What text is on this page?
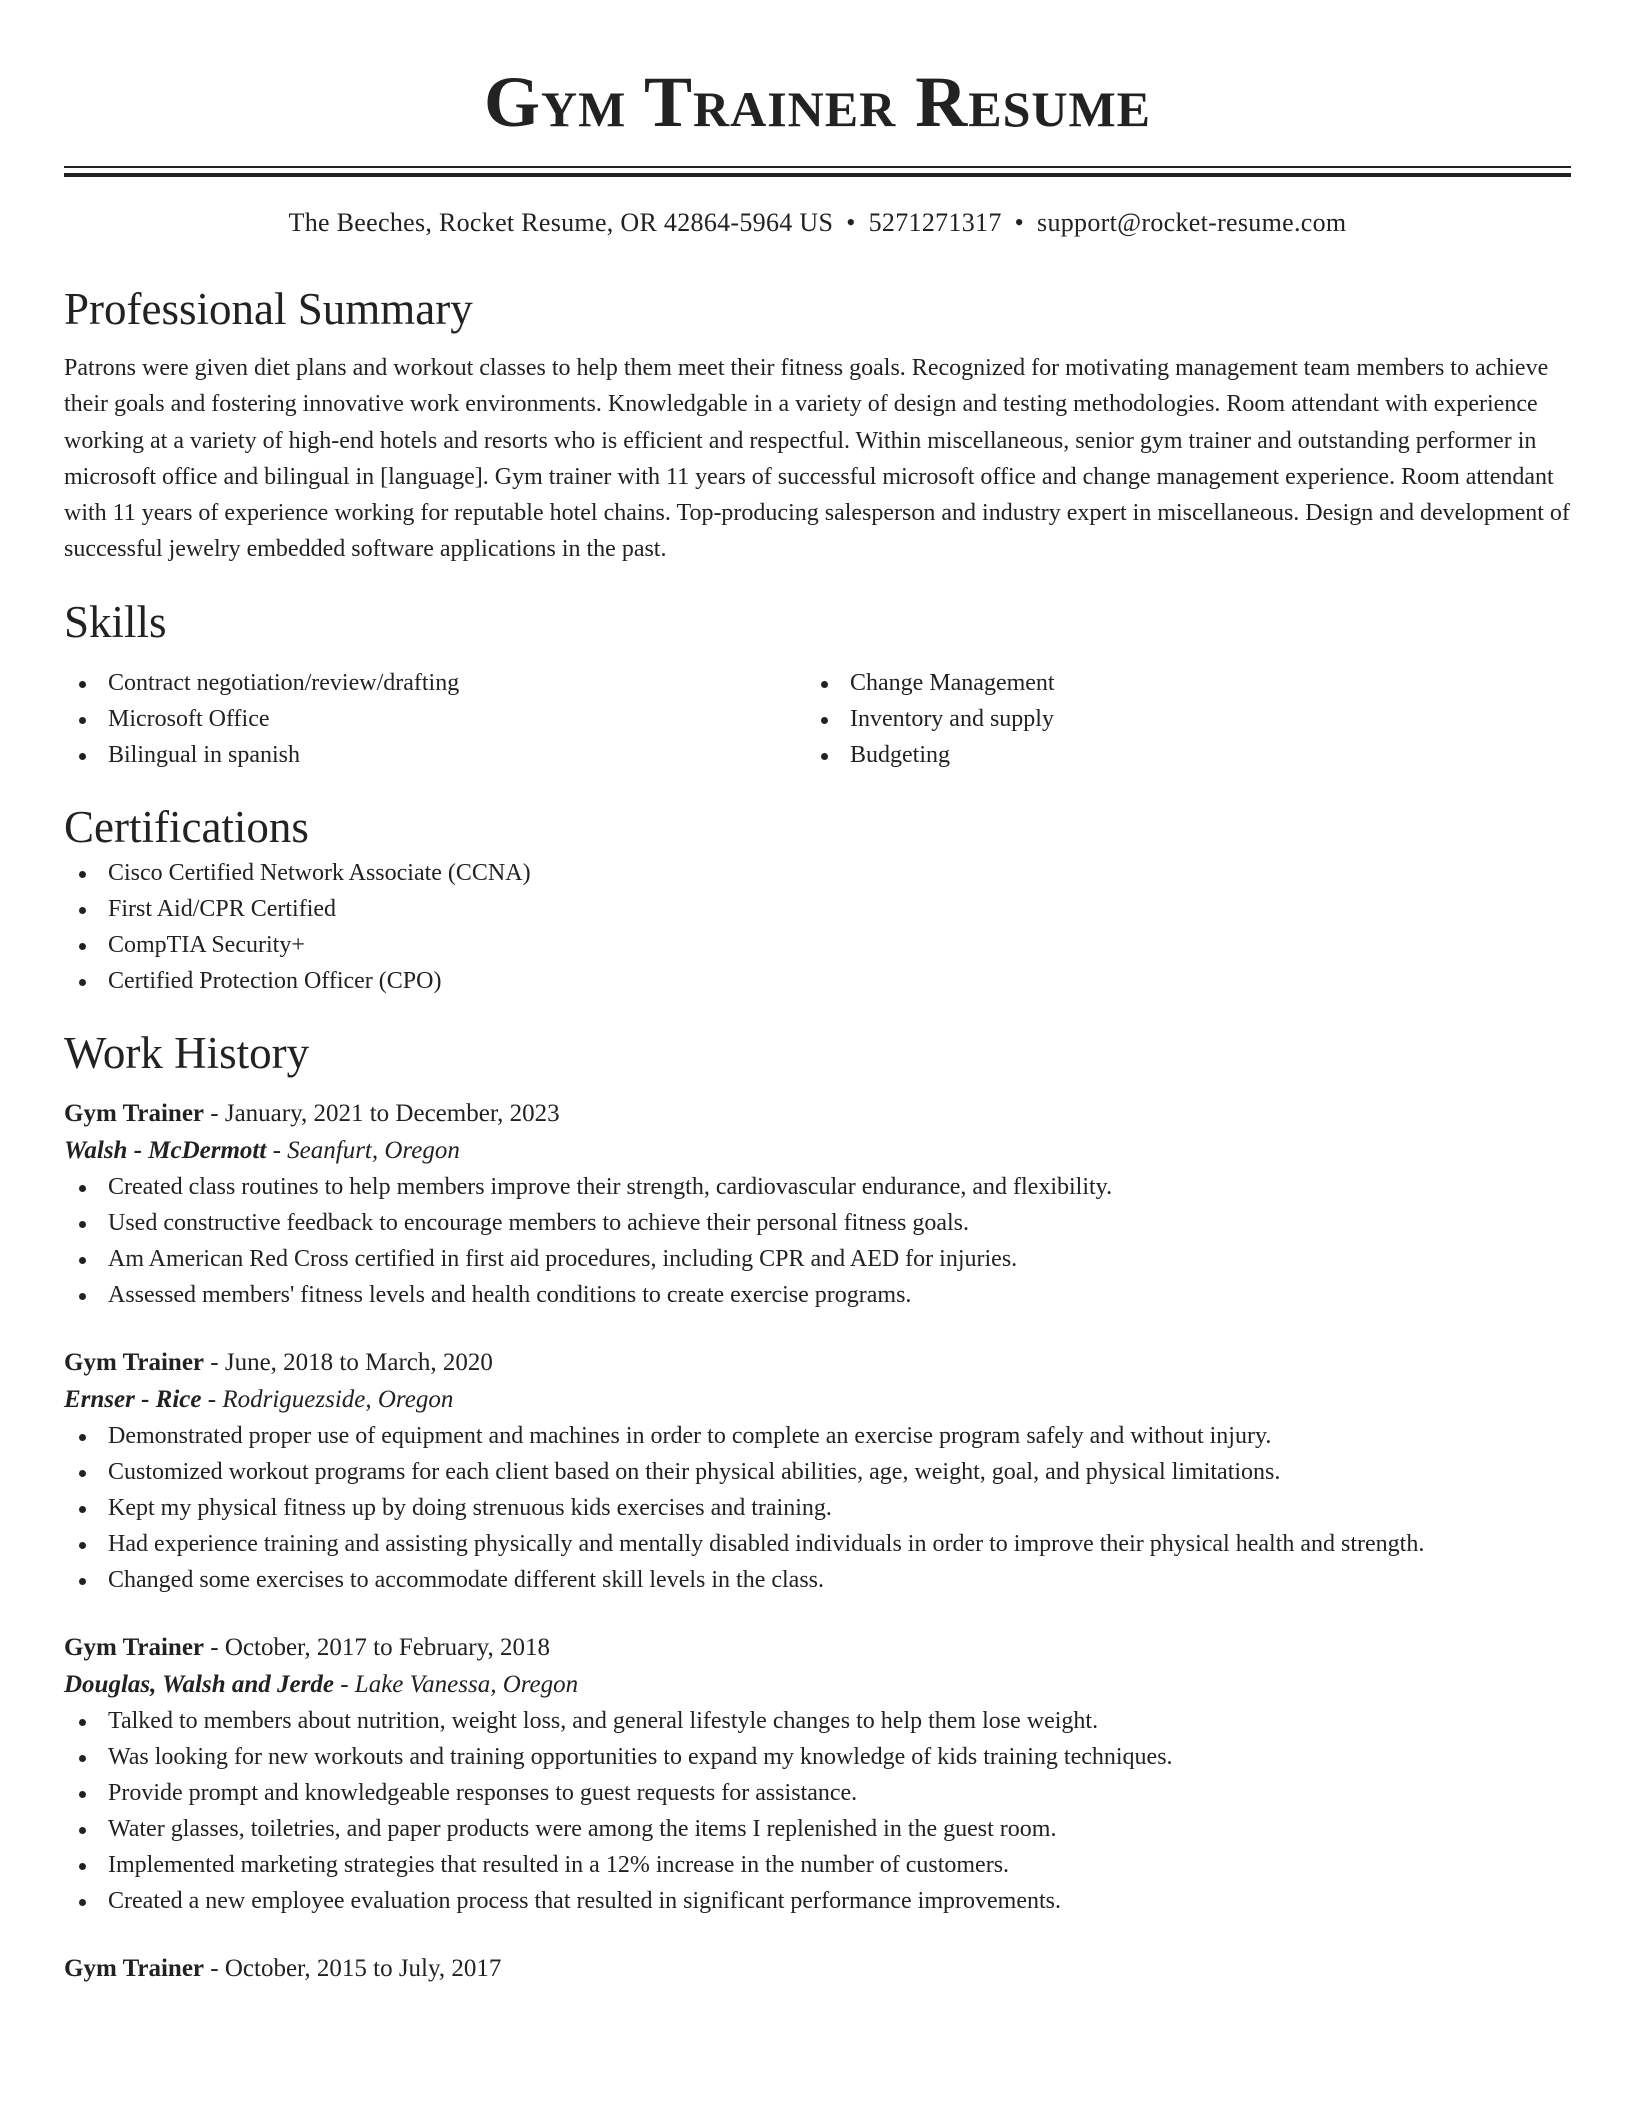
Gym Trainer Resume
The Beeches, Rocket Resume, OR 42864-5964 US • 5271271317 • support@rocket-resume.com
Professional Summary
Patrons were given diet plans and workout classes to help them meet their fitness goals. Recognized for motivating management team members to achieve their goals and fostering innovative work environments. Knowledgable in a variety of design and testing methodologies. Room attendant with experience working at a variety of high-end hotels and resorts who is efficient and respectful. Within miscellaneous, senior gym trainer and outstanding performer in microsoft office and bilingual in [language]. Gym trainer with 11 years of successful microsoft office and change management experience. Room attendant with 11 years of experience working for reputable hotel chains. Top-producing salesperson and industry expert in miscellaneous. Design and development of successful jewelry embedded software applications in the past.
Skills
Contract negotiation/review/drafting
Microsoft Office
Bilingual in spanish
Change Management
Inventory and supply
Budgeting
Certifications
Cisco Certified Network Associate (CCNA)
First Aid/CPR Certified
CompTIA Security+
Certified Protection Officer (CPO)
Work History
Gym Trainer - January, 2021 to December, 2023
Walsh - McDermott - Seanfurt, Oregon
Created class routines to help members improve their strength, cardiovascular endurance, and flexibility.
Used constructive feedback to encourage members to achieve their personal fitness goals.
Am American Red Cross certified in first aid procedures, including CPR and AED for injuries.
Assessed members' fitness levels and health conditions to create exercise programs.
Gym Trainer - June, 2018 to March, 2020
Ernser - Rice - Rodriguezside, Oregon
Demonstrated proper use of equipment and machines in order to complete an exercise program safely and without injury.
Customized workout programs for each client based on their physical abilities, age, weight, goal, and physical limitations.
Kept my physical fitness up by doing strenuous kids exercises and training.
Had experience training and assisting physically and mentally disabled individuals in order to improve their physical health and strength.
Changed some exercises to accommodate different skill levels in the class.
Gym Trainer - October, 2017 to February, 2018
Douglas, Walsh and Jerde - Lake Vanessa, Oregon
Talked to members about nutrition, weight loss, and general lifestyle changes to help them lose weight.
Was looking for new workouts and training opportunities to expand my knowledge of kids training techniques.
Provide prompt and knowledgeable responses to guest requests for assistance.
Water glasses, toiletries, and paper products were among the items I replenished in the guest room.
Implemented marketing strategies that resulted in a 12% increase in the number of customers.
Created a new employee evaluation process that resulted in significant performance improvements.
Gym Trainer - October, 2015 to July, 2017
